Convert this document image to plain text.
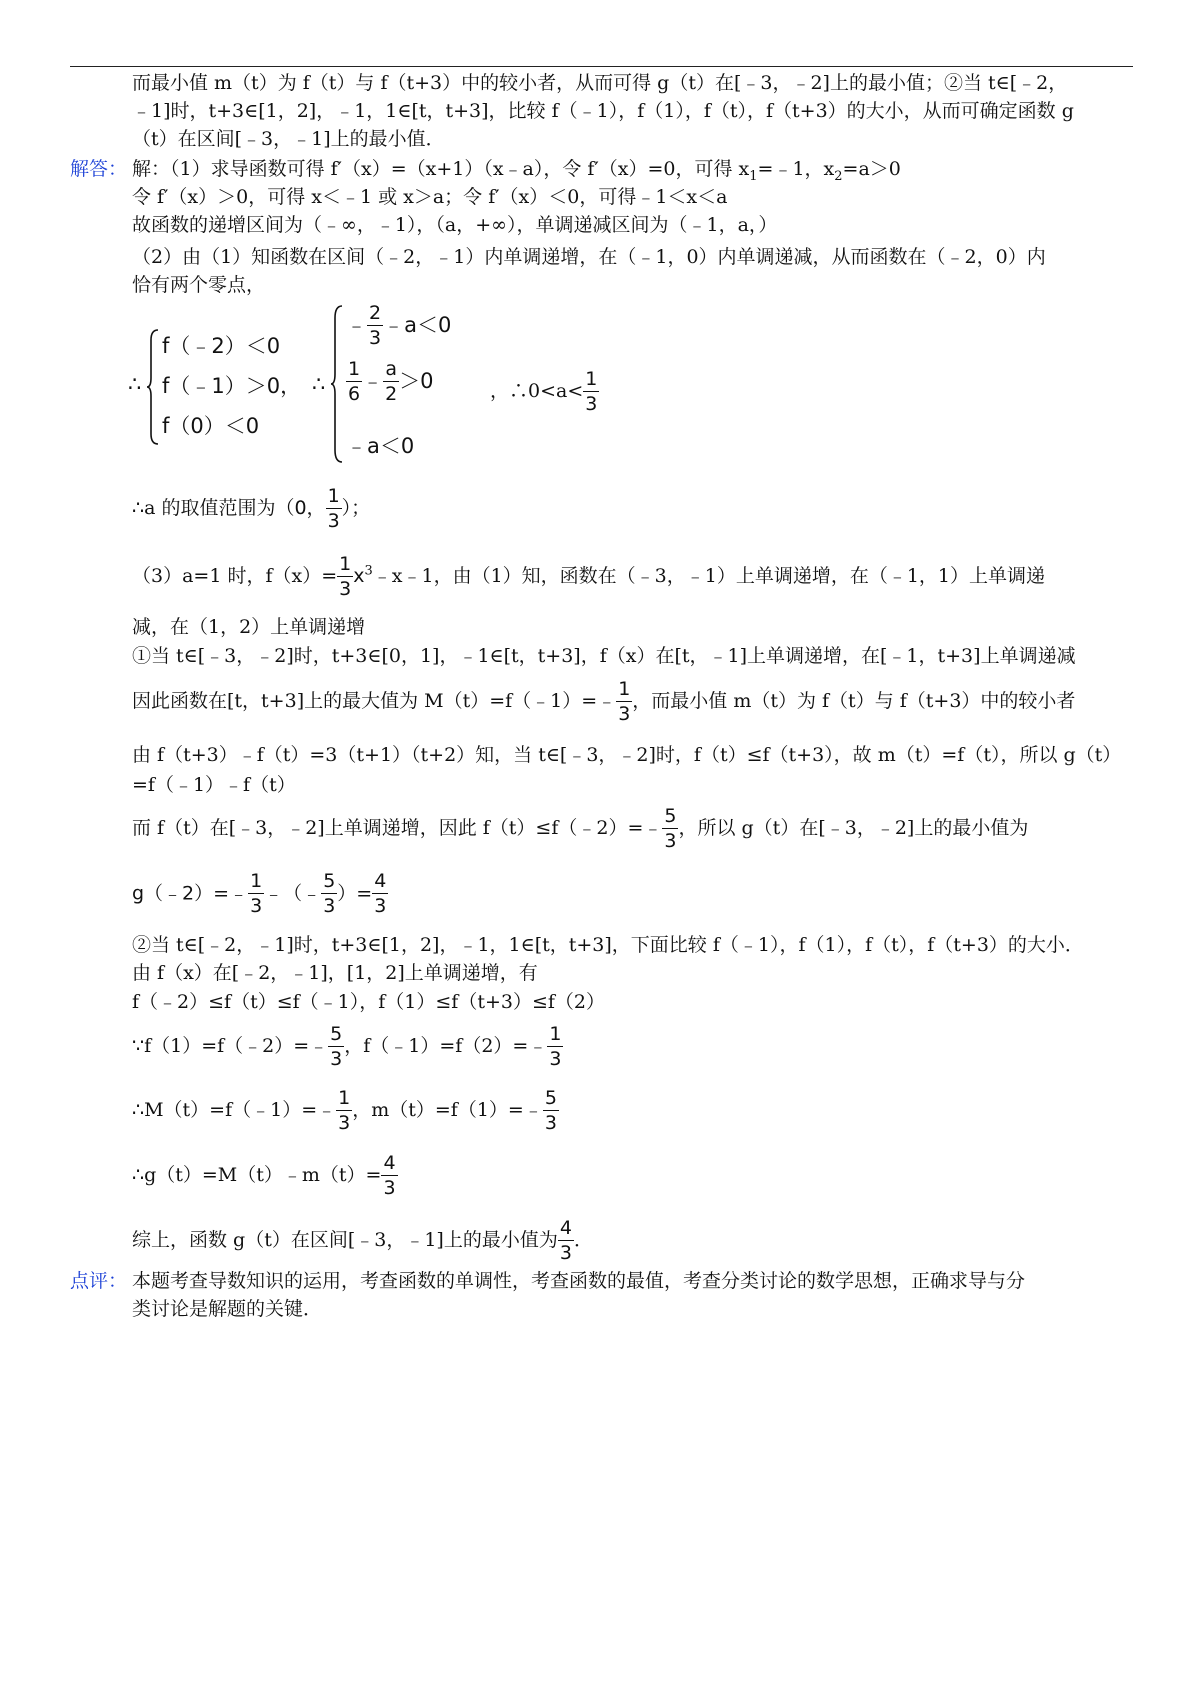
而最小值 m（t）为 f（t）与 f（t+3）中的较小者，从而可得 g（t）在[﹣3，﹣2]上的最小值；②当 t∈[﹣2，
﹣1]时，t+3∈[1，2]，﹣1，1∈[t，t+3]，比较 f（﹣1），f（1），f（t），f（t+3）的大小，从而可确定函数 g
（t）在区间[﹣3，﹣1]上的最小值．
解答： 解：（1）求导函数可得 f′（x）=（x+1）（x﹣a），令 f′（x）=0，可得 $x_1=﹣1$，$x_2=a>0$
令 f′（x）＞0，可得 x＜﹣1 或 x＞a；令 f′（x）＜0，可得﹣1＜x＜a
故函数的递增区间为（﹣∞，﹣1），（a，+∞），单调递减区间为（﹣1，a，）
（2）由（1）知函数在区间（﹣2，﹣1）内单调递增，在（﹣1，0）内单调递减，从而函数在（﹣2，0）内
恰有两个零点，
∴
f（﹣2）＜0
f（﹣1）＞0，
f（0）＜0
∴
﹣ $\frac{2}{3}$ ﹣a＜0
$\frac{1}{6}$ ﹣ $\frac{a}{2} >0$
﹣a＜0
，∴0<a< $\frac{1}{3}$
∴a 的取值范围为（0， $\frac{1}{3}$ ）；
（3）a=1 时，$f(x)= \frac{1}{3}$ $x^3﹣x﹣1$，由（1）知，函数在（﹣3，﹣1）上单调递增，在（﹣1，1）上单调递
减，在（1，2）上单调递增
①当 t∈[﹣3，﹣2]时，t+3∈[0，1]，﹣1∈[t，t+3]，f（x）在[t，﹣1]上单调递增，在[﹣1，t+3]上单调递减
因此函数在[t，t+3]上的最大值为 M（t）=f（﹣1）=﹣ $\frac{1}{3}$ ，而最小值 m（t）为 f（t）与 f（t+3）中的较小者
由 f（t+3）﹣f（t）=3（t+1）（t+2）知，当 t∈[﹣3，﹣2]时，f（t）≤f（t+3），故 m（t）=f（t），所以 g（t）
=f（﹣1）﹣f（t）
而 f（t）在[﹣3，﹣2]上单调递增，因此 f（t）≤f（﹣2）=﹣ $\frac{5}{3}$ ，所以 g（t）在[﹣3，﹣2]上的最小值为
g（﹣2）=﹣ $\frac{1}{3}$ ﹣（﹣ $\frac{5}{3}$ ）= $\frac{4}{3}$
②当 t∈[﹣2，﹣1]时，t+3∈[1，2]，﹣1，1∈[t，t+3]，下面比较 f（﹣1），f（1），f（t），f（t+3）的大小．
由 f（x）在[﹣2，﹣1]，[1，2]上单调递增，有
f（﹣2）≤f（t）≤f（﹣1），f（1）≤f（t+3）≤f（2）
∵f（1）=f（﹣2）=﹣ $\frac{5}{3}$ ，f（﹣1）=f（2）=﹣ $\frac{1}{3}$
∴M（t）=f（﹣1）=﹣ $\frac{1}{3}$ ，m（t）=f（1）=﹣ $\frac{5}{3}$
∴g（t）=M（t）﹣m（t）= $\frac{4}{3}$
综上，函数 g（t）在区间[﹣3，﹣1]上的最小值为 $\frac{4}{3}$ ．
点评： 本题考查导数知识的运用，考查函数的单调性，考查函数的最值，考查分类讨论的数学思想，正确求导与分
类讨论是解题的关键．
